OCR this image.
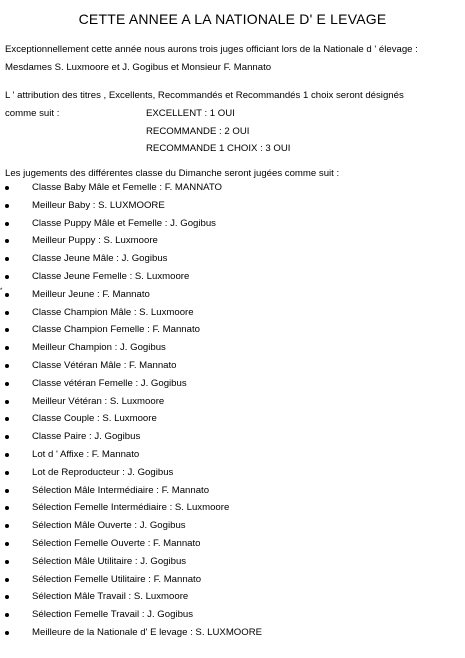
CETTE ANNEE A LA NATIONALE D' E LEVAGE
Exceptionnellement cette année nous aurons trois juges officiant lors de la Nationale d ' élevage :
Mesdames S. Luxmoore et J. Gogibus et Monsieur F. Mannato
L ' attribution des titres , Excellents, Recommandés et Recommandés 1 choix seront désignés
comme suit :	EXCELLENT : 1 OUI
RECOMMANDE : 2 OUI
RECOMMANDE 1 CHOIX : 3 OUI
Les jugements des différentes classe du Dimanche seront jugées comme suit :
*
Classe Baby Mâle et Femelle : F. MANNATO
Meilleur Baby : S. LUXMOORE
Classe Puppy Mâle et Femelle : J. Gogibus
Meilleur Puppy : S. Luxmoore
Classe Jeune Mâle : J. Gogibus
Classe Jeune Femelle : S. Luxmoore
Meilleur Jeune : F. Mannato
Classe Champion Mâle : S. Luxmoore
Classe Champion Femelle : F. Mannato
Meilleur Champion : J. Gogibus
Classe Vétéran Mâle : F. Mannato
Classe vétéran Femelle : J. Gogibus
Meilleur Vétéran : S. Luxmoore
Classe Couple : S. Luxmoore
Classe Paire : J. Gogibus
Lot d ' Affixe : F. Mannato
Lot de Reproducteur : J. Gogibus
Sélection Mâle Intermédiaire : F. Mannato
Sélection Femelle Intermédiaire : S. Luxmoore
Sélection Mâle Ouverte : J. Gogibus
Sélection Femelle Ouverte : F. Mannato
Sélection Mâle Utilitaire : J. Gogibus
Sélection Femelle Utilitaire : F. Mannato
Sélection Mâle Travail : S. Luxmoore
Sélection Femelle Travail : J. Gogibus
Meilleure de la Nationale d' E levage : S. LUXMOORE
